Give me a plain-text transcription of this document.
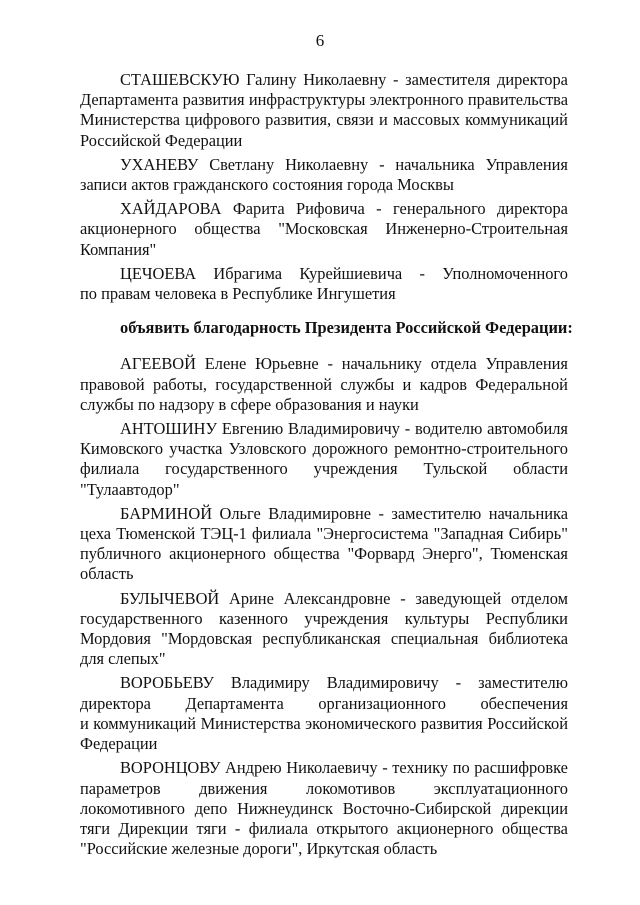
6
СТАШЕВСКУЮ Галину Николаевну - заместителя директора
Департамента развития инфраструктуры электронного правительства
Министерства цифрового развития, связи и массовых коммуникаций
Российской Федерации
УХАНЕВУ Светлану Николаевну - начальника Управления
записи актов гражданского состояния города Москвы
ХАЙДАРОВА Фарита Рифовича - генерального директора
акционерного общества "Московская Инженерно-Строительная
Компания"
ЦЕЧОЕВА Ибрагима Курейшиевича - Уполномоченного
по правам человека в Республике Ингушетия
объявить благодарность Президента Российской Федерации:
АГЕЕВОЙ Елене Юрьевне - начальнику отдела Управления
правовой работы, государственной службы и кадров Федеральной
службы по надзору в сфере образования и науки
АНТОШИНУ Евгению Владимировичу - водителю автомобиля
Кимовского участка Узловского дорожного ремонтно-строительного
филиала государственного учреждения Тульской области
"Тулаавтодор"
БАРМИНОЙ Ольге Владимировне - заместителю начальника
цеха Тюменской ТЭЦ-1 филиала "Энергосистема "Западная Сибирь"
публичного акционерного общества "Форвард Энерго", Тюменская
область
БУЛЫЧЕВОЙ Арине Александровне - заведующей отделом
государственного казенного учреждения культуры Республики
Мордовия "Мордовская республиканская специальная библиотека
для слепых"
ВОРОБЬЕВУ Владимиру Владимировичу - заместителю
директора Департамента организационного обеспечения
и коммуникаций Министерства экономического развития Российской
Федерации
ВОРОНЦОВУ Андрею Николаевичу - технику по расшифровке
параметров движения локомотивов эксплуатационного
локомотивного депо Нижнеудинск Восточно-Сибирской дирекции
тяги Дирекции тяги - филиала открытого акционерного общества
"Российские железные дороги", Иркутская область
